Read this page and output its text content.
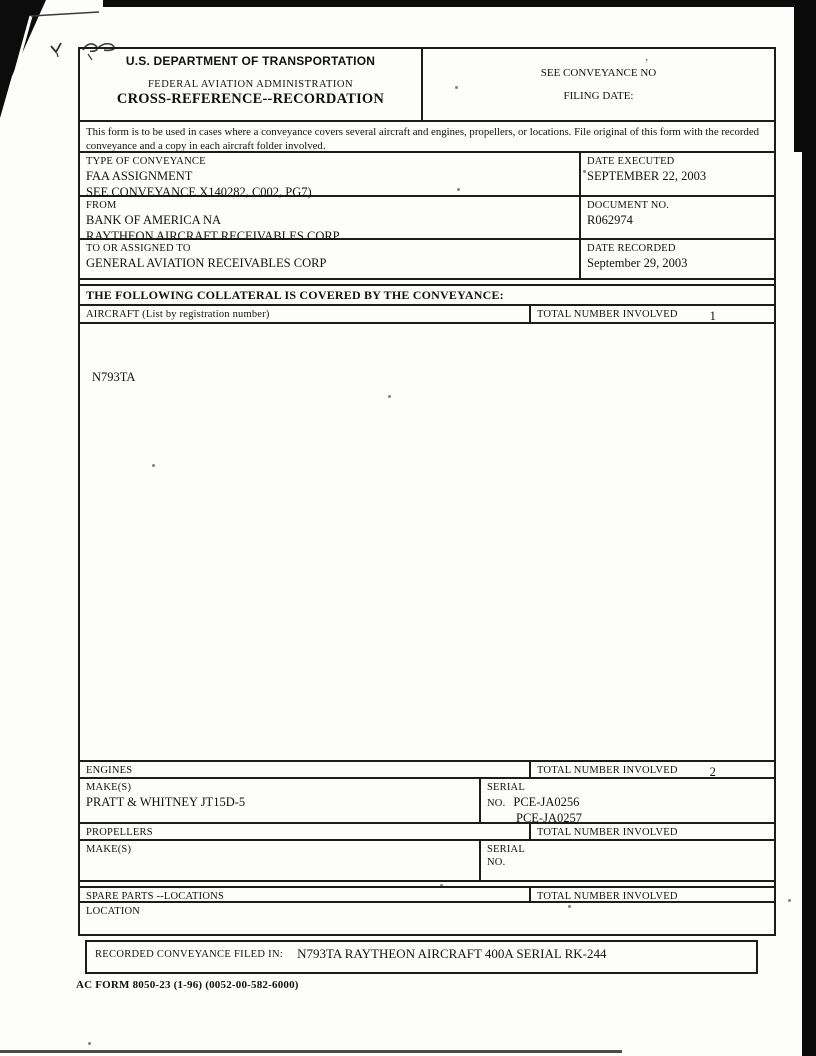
’
U.S. DEPARTMENT OF TRANSPORTATION
FEDERAL AVIATION ADMINISTRATION
CROSS-REFERENCE--RECORDATION
SEE CONVEYANCE NO
FILING DATE:
This form is to be used in cases where a conveyance covers several aircraft and engines, propellers, or locations. File original of this form with the recorded conveyance and a copy in each aircraft folder involved.
TYPE OF CONVEYANCE
FAA ASSIGNMENT
SEE CONVEYANCE X140282, C002, PG7)
DATE EXECUTED
SEPTEMBER 22, 2003
FROM
BANK OF AMERICA NA
RAYTHEON AIRCRAFT RECEIVABLES CORP
DOCUMENT NO.
R062974
TO OR ASSIGNED TO
GENERAL AVIATION RECEIVABLES CORP
DATE RECORDED
September 29, 2003
THE FOLLOWING COLLATERAL IS COVERED BY THE CONVEYANCE:
AIRCRAFT (List by registration number)	TOTAL NUMBER INVOLVED	1
N793TA
ENGINES	TOTAL NUMBER INVOLVED	2
MAKE(S)
PRATT & WHITNEY JT15D-5
SERIAL
NO. PCE-JA0256
PCE-JA0257
PROPELLERS	TOTAL NUMBER INVOLVED
MAKE(S)	SERIAL
NO.
SPARE PARTS --LOCATIONS	TOTAL NUMBER INVOLVED
LOCATION
RECORDED CONVEYANCE FILED IN: N793TA RAYTHEON AIRCRAFT 400A SERIAL RK-244
AC FORM 8050-23 (1-96) (0052-00-582-6000)
